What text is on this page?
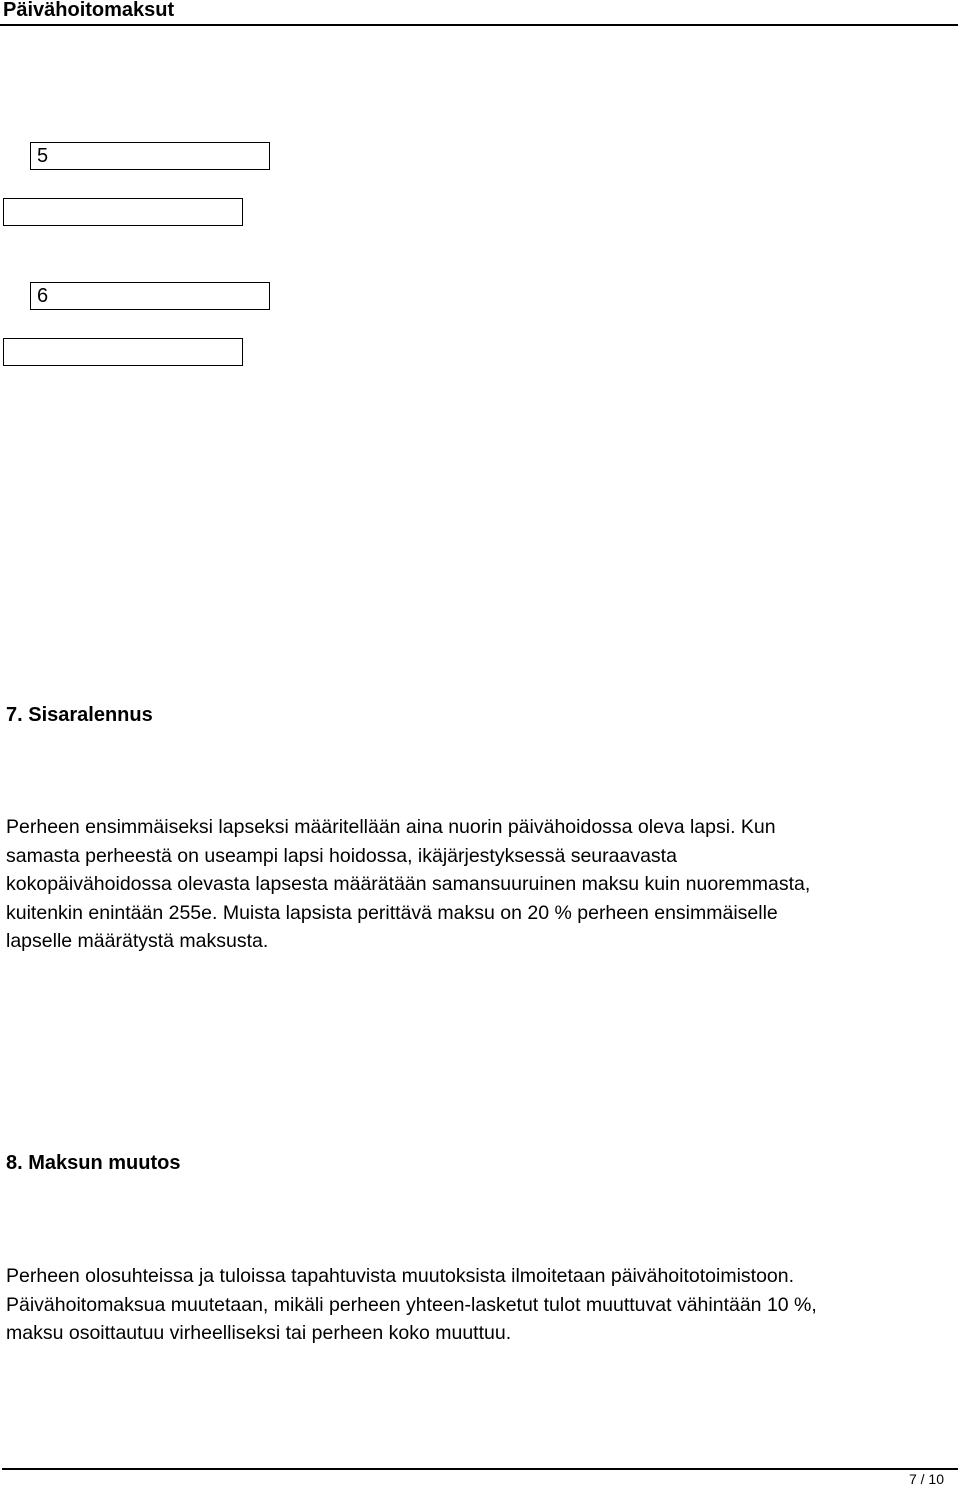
Päivähoitomaksut
5
6
7. Sisaralennus
Perheen ensimmäiseksi lapseksi määritellään aina nuorin päivähoidossa oleva lapsi. Kun
samasta perheestä on useampi lapsi hoidossa, ikäjärjestyksessä seuraavasta
kokopäivähoidossa olevasta lapsesta määrätään samansuuruinen maksu kuin nuoremmasta,
kuitenkin enintään 255e. Muista lapsista perittävä maksu on 20 % perheen ensimmäiselle
lapselle määrätystä maksusta.
8. Maksun muutos
Perheen olosuhteissa ja tuloissa tapahtuvista muutoksista ilmoitetaan päivähoitotoimistoon.
Päivähoitomaksua muutetaan, mikäli perheen yhteen-lasketut tulot muuttuvat vähintään 10 %,
maksu osoittautuu virheelliseksi tai perheen koko muuttuu.
7 / 10
